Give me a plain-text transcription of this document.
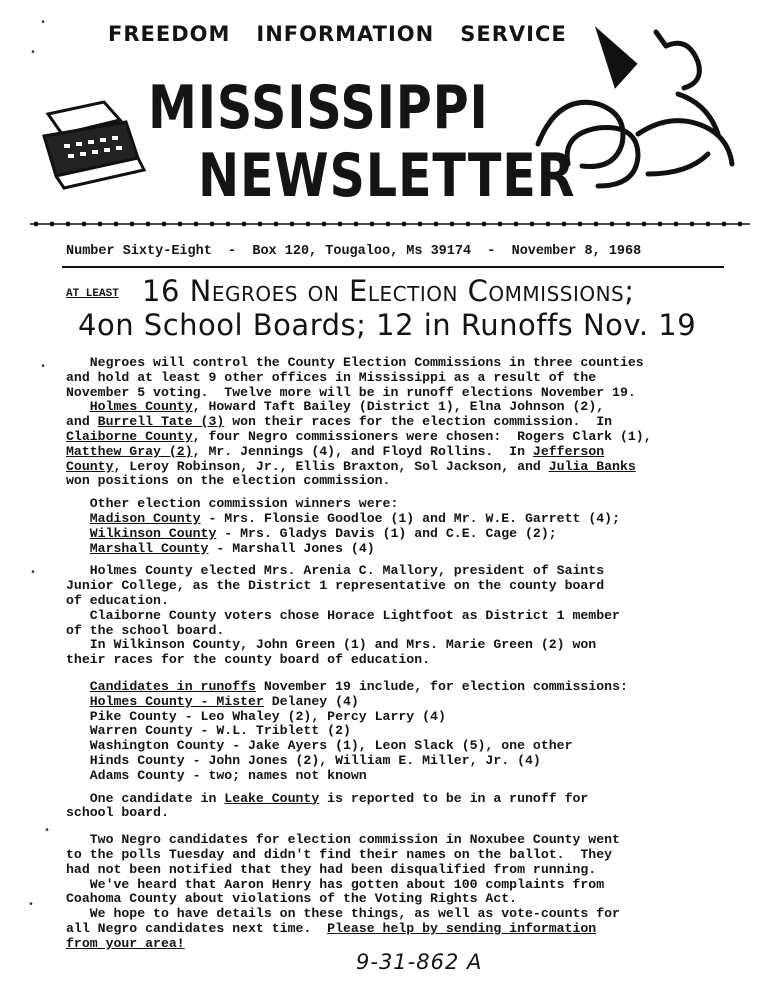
FREEDOM INFORMATION SERVICE
MISSISSIPPI
NEWSLETTER
Number Sixty-Eight  -  Box 120, Tougaloo, Ms 39174  -  November 8, 1968
AT LEAST 16 Negroes on Election Commissions;
4on School Boards; 12 in Runoffs Nov. 19

Negroes will control the County Election Commissions in three counties

and hold at least 9 other offices in Mississippi as a result of the

November 5 voting.  Twelve more will be in runoff elections November 19.

Holmes County, Howard Taft Bailey (District 1), Elna Johnson (2),

and Burrell Tate (3) won their races for the election commission.  In

Claiborne County, four Negro commissioners were chosen:  Rogers Clark (1),

Matthew Gray (2), Mr. Jennings (4), and Floyd Rollins.  In Jefferson

County, Leroy Robinson, Jr., Ellis Braxton, Sol Jackson, and Julia Banks

won positions on the election commission.

Other election commission winners were:

Madison County - Mrs. Flonsie Goodloe (1) and Mr. W.E. Garrett (4);

Wilkinson County - Mrs. Gladys Davis (1) and C.E. Cage (2);

Marshall County - Marshall Jones (4)

Holmes County elected Mrs. Arenia C. Mallory, president of Saints

Junior College, as the District 1 representative on the county board

of education.

Claiborne County voters chose Horace Lightfoot as District 1 member

of the school board.

In Wilkinson County, John Green (1) and Mrs. Marie Green (2) won

their races for the county board of education.

Candidates in runoffs November 19 include, for election commissions:

Holmes County - Mister Delaney (4)

Pike County - Leo Whaley (2), Percy Larry (4)

Warren County - W.L. Triblett (2)

Washington County - Jake Ayers (1), Leon Slack (5), one other

Hinds County - John Jones (2), William E. Miller, Jr. (4)

Adams County - two; names not known

One candidate in Leake County is reported to be in a runoff for

school board.

Two Negro candidates for election commission in Noxubee County went

to the polls Tuesday and didn't find their names on the ballot.  They

had not been notified that they had been disqualified from running.

We've heard that Aaron Henry has gotten about 100 complaints from

Coahoma County about violations of the Voting Rights Act.

We hope to have details on these things, as well as vote-counts for

all Negro candidates next time.  Please help by sending information

from your area!

9-31-862 A
•
•
•
•
•
•
